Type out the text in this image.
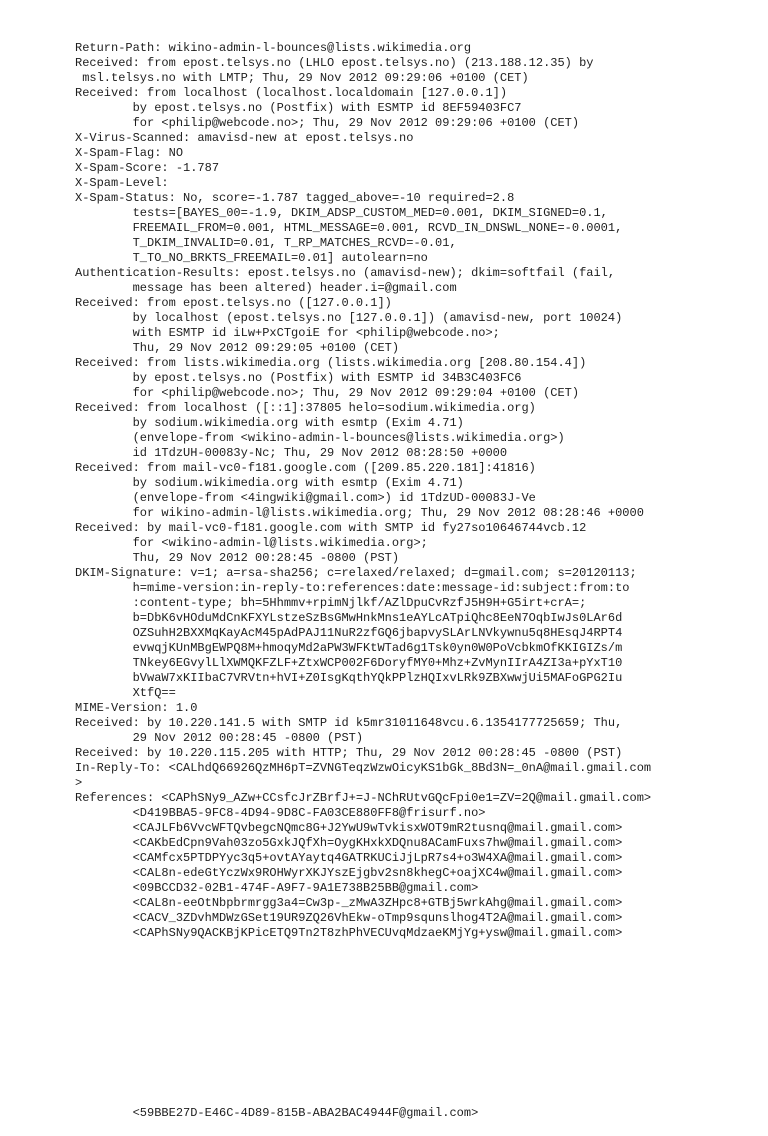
Return-Path: wikino-admin-l-bounces@lists.wikimedia.org
Received: from epost.telsys.no (LHLO epost.telsys.no) (213.188.12.35) by
msl.telsys.no with LMTP; Thu, 29 Nov 2012 09:29:06 +0100 (CET)
Received: from localhost (localhost.localdomain [127.0.0.1])
by epost.telsys.no (Postfix) with ESMTP id 8EF59403FC7
for <philip@webcode.no>; Thu, 29 Nov 2012 09:29:06 +0100 (CET)
X-Virus-Scanned: amavisd-new at epost.telsys.no
X-Spam-Flag: NO
X-Spam-Score: -1.787
X-Spam-Level:
X-Spam-Status: No, score=-1.787 tagged_above=-10 required=2.8
tests=[BAYES_00=-1.9, DKIM_ADSP_CUSTOM_MED=0.001, DKIM_SIGNED=0.1,
FREEMAIL_FROM=0.001, HTML_MESSAGE=0.001, RCVD_IN_DNSWL_NONE=-0.0001,
T_DKIM_INVALID=0.01, T_RP_MATCHES_RCVD=-0.01,
T_TO_NO_BRKTS_FREEMAIL=0.01] autolearn=no
Authentication-Results: epost.telsys.no (amavisd-new); dkim=softfail (fail,
message has been altered) header.i=@gmail.com
Received: from epost.telsys.no ([127.0.0.1])
by localhost (epost.telsys.no [127.0.0.1]) (amavisd-new, port 10024)
with ESMTP id iLw+PxCTgoiE for <philip@webcode.no>;
Thu, 29 Nov 2012 09:29:05 +0100 (CET)
Received: from lists.wikimedia.org (lists.wikimedia.org [208.80.154.4])
by epost.telsys.no (Postfix) with ESMTP id 34B3C403FC6
for <philip@webcode.no>; Thu, 29 Nov 2012 09:29:04 +0100 (CET)
Received: from localhost ([::1]:37805 helo=sodium.wikimedia.org)
by sodium.wikimedia.org with esmtp (Exim 4.71)
(envelope-from <wikino-admin-l-bounces@lists.wikimedia.org>)
id 1TdzUH-00083y-Nc; Thu, 29 Nov 2012 08:28:50 +0000
Received: from mail-vc0-f181.google.com ([209.85.220.181]:41816)
by sodium.wikimedia.org with esmtp (Exim 4.71)
(envelope-from <4ingwiki@gmail.com>) id 1TdzUD-00083J-Ve
for wikino-admin-l@lists.wikimedia.org; Thu, 29 Nov 2012 08:28:46 +0000
Received: by mail-vc0-f181.google.com with SMTP id fy27so10646744vcb.12
for <wikino-admin-l@lists.wikimedia.org>;
Thu, 29 Nov 2012 00:28:45 -0800 (PST)
DKIM-Signature: v=1; a=rsa-sha256; c=relaxed/relaxed; d=gmail.com; s=20120113;
h=mime-version:in-reply-to:references:date:message-id:subject:from:to
:content-type; bh=5Hhmmv+rpimNjlkf/AZlDpuCvRzfJ5H9H+G5irt+crA=;
b=DbK6vHOduMdCnKFXYLstzeSzBsGMwHnkMns1eAYLcATpiQhc8EeN7OqbIwJs0LAr6d
OZSuhH2BXXMqKayAcM45pAdPAJ11NuR2zfGQ6jbapvySLArLNVkywnu5q8HEsqJ4RPT4
evwqjKUnMBgEWPQ8M+hmoqyMd2aPW3WFKtWTad6g1Tsk0yn0W0PoVcbkmOfKKIGIZs/m
TNkey6EGvylLlXWMQKFZLF+ZtxWCP002F6DoryfMY0+Mhz+ZvMynIIrA4ZI3a+pYxT10
bVwaW7xKIIbaC7VRVtn+hVI+Z0IsgKqthYQkPPlzHQIxvLRk9ZBXwwjUi5MAFoGPG2Iu
XtfQ==
MIME-Version: 1.0
Received: by 10.220.141.5 with SMTP id k5mr31011648vcu.6.1354177725659; Thu,
29 Nov 2012 00:28:45 -0800 (PST)
Received: by 10.220.115.205 with HTTP; Thu, 29 Nov 2012 00:28:45 -0800 (PST)
In-Reply-To: <CALhdQ66926QzMH6pT=ZVNGTeqzWzwOicyKS1bGk_8Bd3N=_0nA@mail.gmail.com
>
References: <CAPhSNy9_AZw+CCsfcJrZBrfJ+=J-NChRUtvGQcFpi0e1=ZV=2Q@mail.gmail.com>
<D419BBA5-9FC8-4D94-9D8C-FA03CE880FF8@frisurf.no>
<CAJLFb6VvcWFTQvbegcNQmc8G+J2YwU9wTvkisxWOT9mR2tusnq@mail.gmail.com>
<CAKbEdCpn9Vah03zo5GxkJQfXh=OygKHxkXDQnu8ACamFuxs7hw@mail.gmail.com>
<CAMfcx5PTDPYyc3q5+ovtAYaytq4GATRKUCiJjLpR7s4+o3W4XA@mail.gmail.com>
<CAL8n-edeGtYczWx9ROHWyrXKJYszEjgbv2sn8khegC+oajXC4w@mail.gmail.com>
<09BCCD32-02B1-474F-A9F7-9A1E738B25BB@gmail.com>
<CAL8n-eeOtNbpbrmrgg3a4=Cw3p-_zMwA3ZHpc8+GTBj5wrkAhg@mail.gmail.com>
<CACV_3ZDvhMDWzGSet19UR9ZQ26VhEkw-oTmp9squnslhog4T2A@mail.gmail.com>
<CAPhSNy9QACKBjKPicETQ9Tn2T8zhPhVECUvqMdzaeKMjYg+ysw@mail.gmail.com>

<59BBE27D-E46C-4D89-815B-ABA2BAC4944F@gmail.com>
